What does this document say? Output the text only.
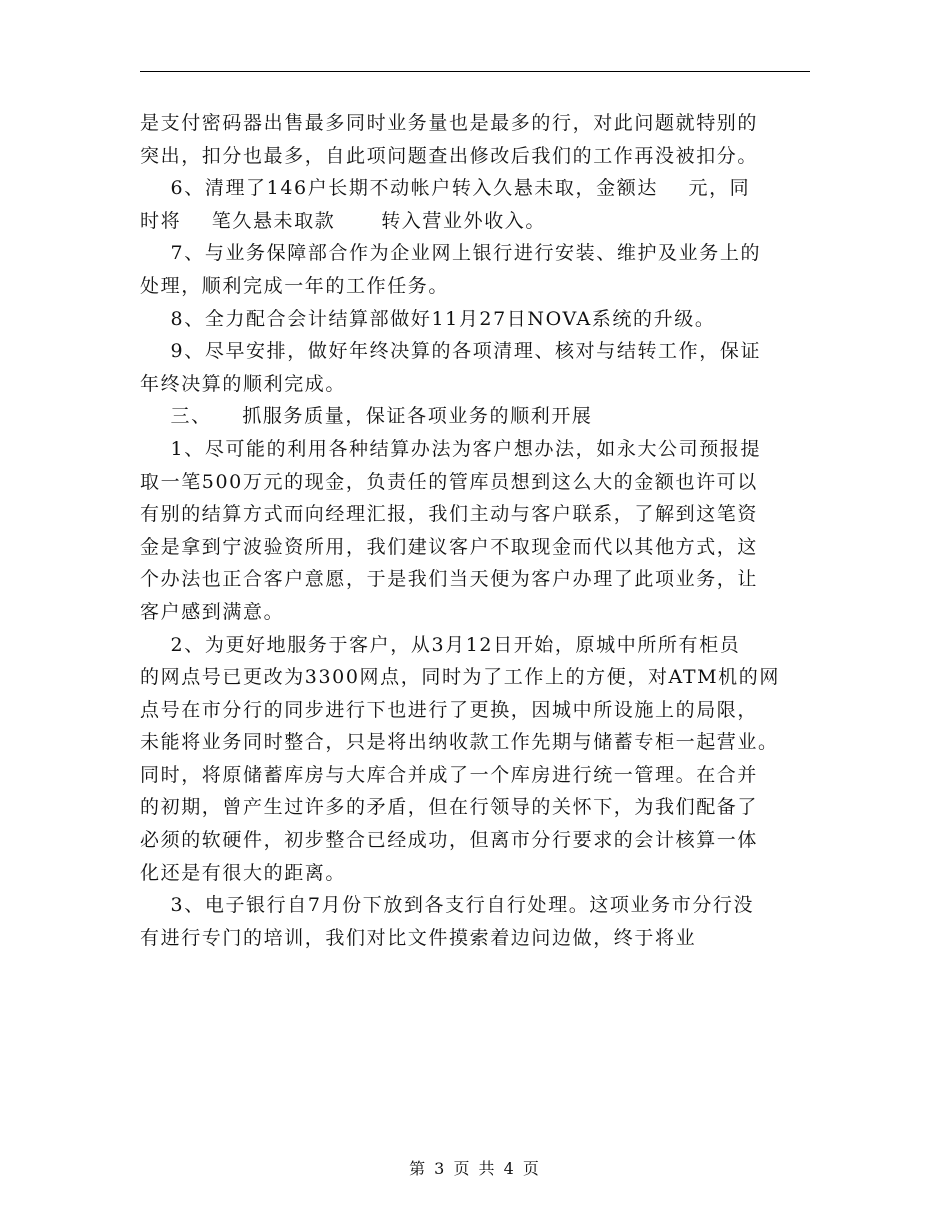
是支付密码器出售最多同时业务量也是最多的行，对此问题就特别的
突出，扣分也最多，自此项问题查出修改后我们的工作再没被扣分。
6、清理了146户长期不动帐户转入久悬未取，金额达    元，同
时将    笔久悬未取款      转入营业外收入。
7、与业务保障部合作为企业网上银行进行安装、维护及业务上的
处理，顺利完成一年的工作任务。
8、全力配合会计结算部做好11月27日NOVA系统的升级。
9、尽早安排，做好年终决算的各项清理、核对与结转工作，保证
年终决算的顺利完成。
三、    抓服务质量，保证各项业务的顺利开展
1、尽可能的利用各种结算办法为客户想办法，如永大公司预报提
取一笔500万元的现金，负责任的管库员想到这么大的金额也许可以
有别的结算方式而向经理汇报，我们主动与客户联系，了解到这笔资
金是拿到宁波验资所用，我们建议客户不取现金而代以其他方式，这
个办法也正合客户意愿，于是我们当天便为客户办理了此项业务，让
客户感到满意。
2、为更好地服务于客户，从3月12日开始，原城中所所有柜员
的网点号已更改为3300网点，同时为了工作上的方便，对ATM机的网
点号在市分行的同步进行下也进行了更换，因城中所设施上的局限，
未能将业务同时整合，只是将出纳收款工作先期与储蓄专柜一起营业。
同时，将原储蓄库房与大库合并成了一个库房进行统一管理。在合并
的初期，曾产生过许多的矛盾，但在行领导的关怀下，为我们配备了
必须的软硬件，初步整合已经成功，但离市分行要求的会计核算一体
化还是有很大的距离。
3、电子银行自7月份下放到各支行自行处理。这项业务市分行没
有进行专门的培训，我们对比文件摸索着边问边做，终于将业
第 3 页 共 4 页
